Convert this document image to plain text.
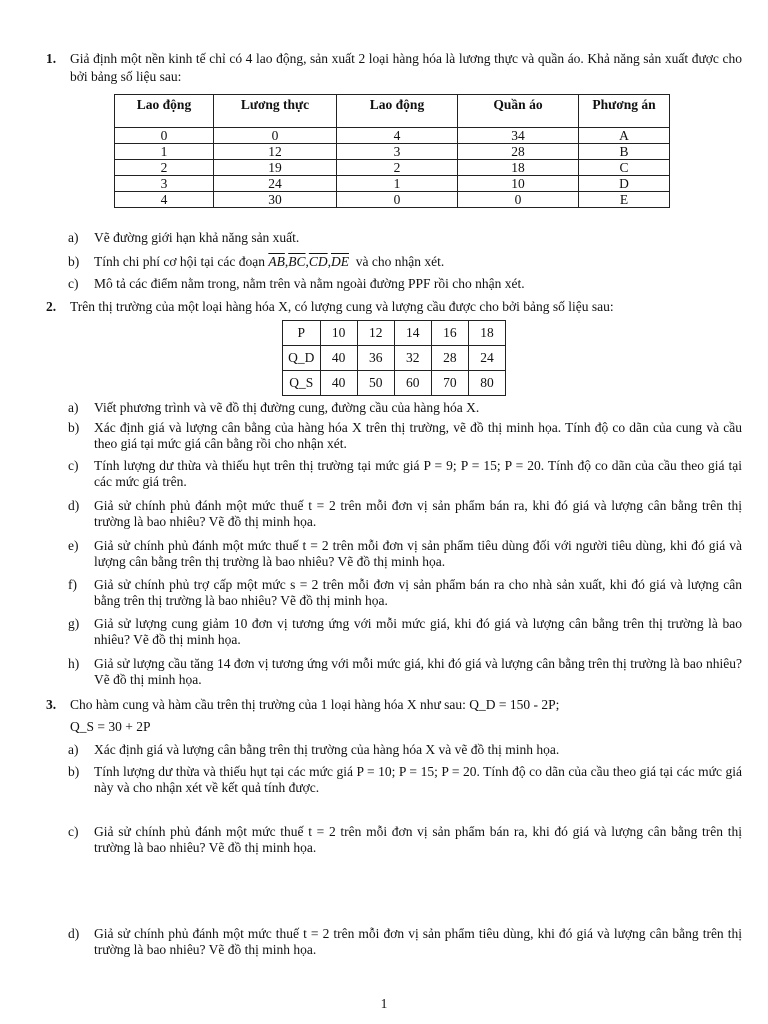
1. Giả định một nền kinh tế chỉ có 4 lao động, sản xuất 2 loại hàng hóa là lương thực và quần áo. Khả năng sản xuất được cho bởi bảng số liệu sau:
Lao động	Lương thực	Lao động	Quần áo	Phương án
0	0	4	34	A
1	12	3	28	B
2	19	2	18	C
3	24	1	10	D
4	30	0	0	E
a) Vẽ đường giới hạn khả năng sản xuất.
b) Tính chi phí cơ hội tại các đoạn $\overline{AB},\overline{BC},\overline{CD},\overline{DE}$ và cho nhận xét.
c) Mô tả các điểm nằm trong, nằm trên và nằm ngoài đường PPF rồi cho nhận xét.
2. Trên thị trường của một loại hàng hóa X, có lượng cung và lượng cầu được cho bởi bảng số liệu sau:
P	10	12	14	16	18
Q_D	40	36	32	28	24
Q_S	40	50	60	70	80
a) Viết phương trình và vẽ đồ thị đường cung, đường cầu của hàng hóa X.
b) Xác định giá và lượng cân bằng của hàng hóa X trên thị trường, vẽ đồ thị minh họa. Tính độ co dãn của cung và cầu theo giá tại mức giá cân bằng rồi cho nhận xét.
c) Tính lượng dư thừa và thiếu hụt trên thị trường tại mức giá P = 9; P = 15; P = 20. Tính độ co dãn của cầu theo giá tại các mức giá trên.
d) Giả sử chính phủ đánh một mức thuế t = 2 trên mỗi đơn vị sản phẩm bán ra, khi đó giá và lượng cân bằng trên thị trường là bao nhiêu? Vẽ đồ thị minh họa.
e) Giả sử chính phủ đánh một mức thuế t = 2 trên mỗi đơn vị sản phẩm tiêu dùng đối với người tiêu dùng, khi đó giá và lượng cân bằng trên thị trường là bao nhiêu? Vẽ đồ thị minh họa.
f) Giả sử chính phủ trợ cấp một mức s = 2 trên mỗi đơn vị sản phẩm bán ra cho nhà sản xuất, khi đó giá và lượng cân bằng trên thị trường là bao nhiêu? Vẽ đồ thị minh họa.
g) Giả sử lượng cung giảm 10 đơn vị tương ứng với mỗi mức giá, khi đó giá và lượng cân bằng trên thị trường là bao nhiêu? Vẽ đồ thị minh họa.
h) Giả sử lượng cầu tăng 14 đơn vị tương ứng với mỗi mức giá, khi đó giá và lượng cân bằng trên thị trường là bao nhiêu? Vẽ đồ thị minh họa.
3. Cho hàm cung và hàm cầu trên thị trường của 1 loại hàng hóa X như sau: Q_D = 150 - 2P;
Q_S = 30 + 2P
a) Xác định giá và lượng cân bằng trên thị trường của hàng hóa X và vẽ đồ thị minh họa.
b) Tính lượng dư thừa và thiếu hụt tại các mức giá P = 10; P = 15; P = 20. Tính độ co dãn của cầu theo giá tại các mức giá này và cho nhận xét về kết quả tính được.
c) Giả sử chính phủ đánh một mức thuế t = 2 trên mỗi đơn vị sản phẩm bán ra, khi đó giá và lượng cân bằng trên thị trường là bao nhiêu? Vẽ đồ thị minh họa.
d) Giả sử chính phủ đánh một mức thuế t = 2 trên mỗi đơn vị sản phẩm tiêu dùng, khi đó giá và lượng cân bằng trên thị trường là bao nhiêu? Vẽ đồ thị minh họa.
1
